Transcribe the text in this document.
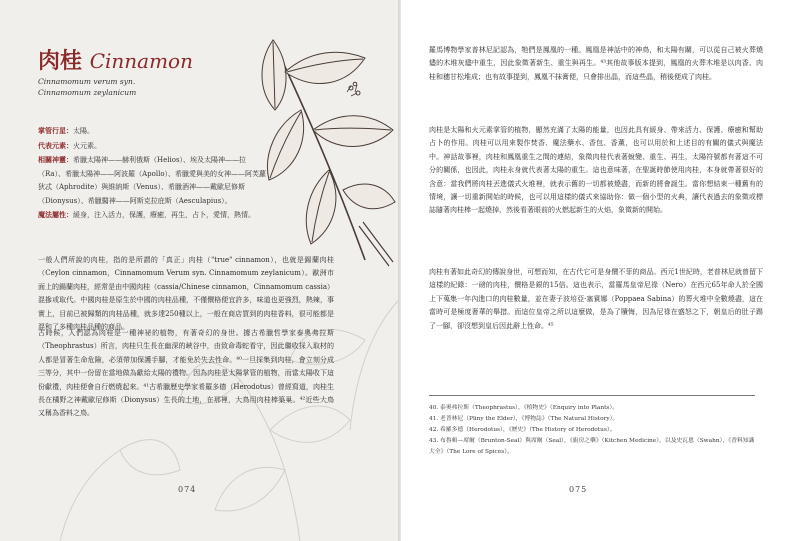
肉桂 Cinnamon
Cinnamomum verum syn.
Cinnamomum zeylanicum
掌管行星：太陽。
代表元素：火元素。
相關神靈：希臘太陽神——赫利俄斯（Helios）、埃及太陽神——拉（Ra）、希臘太陽神——阿波羅（Apollo）、希臘愛與美的女神——阿芙蘿狄忒（Aphrodite）與維納斯（Venus）、希臘酒神——戴歐尼修斯（Dionysus）、希臘醫神——阿斯克拉庇斯（Aesculapius）。
魔法屬性：緩身，注入活力，保護，療癒，再生，占卜，愛情，熱情。
一般人們所說的肉桂，指的是所謂的「真正」肉桂（"true" cinnamon），也就是錫蘭肉桂（Ceylon cinnamon，Cinnamomum Verum syn. Cinnamomum zeylanicum）。歐洲市面上的錫蘭肉桂，經常是由中國肉桂（cassia/Chinese cinnamon，Cinnamomum cassia）混摻或取代。中國肉桂是原生於中國的肉桂品種，不僅價格便宜許多，味道也更強烈，熱辣，事實上，目前已被歸類的肉桂品種，就多達250種以上，一般在商店買到的肉桂香料，很可能都是混和了多種肉桂品種的商品。
古時候，人們認為肉桂是一種神祕的植物，有著奇幻的身世。據古希臘哲學家泰奧弗拉斯（Theophrastus）所言，肉桂只生長在幽深的峽谷中，由致命毒蛇看守，因此繼收採入取材的人都是冒著生命危險，必須帶加保護手腳，才能免於失去性命。⁴⁰一旦採集到肉桂，會立刻分成三等分，其中一份留在當地做為獻給太陽的禮物。因為肉桂是太陽掌管的植物，而當太陽收下這份獻禮，肉桂便會自行燃燒起來。⁴¹古希臘歷史學家希羅多德（Herodotus）曾經寫道，肉桂生長在橘野之神戴歐尼修斯（Dionysus）生長的土地，在那裡，大鳥用肉桂棒築巢。⁴²近些大鳥又稱為香料之鳥。
074
羅馬博物學家普林尼記認為，牠們是鳳凰的一種。鳳凰是神話中的神鳥，和太陽有關，可以從自己被火葬燒燼的木堆灰燼中重生，因此象徵著新生、重生與再生。⁴³其他故事版本提到，鳳凰的火葬木堆是以肉香、肉桂和穗甘松堆成；也有故事提到，鳳凰不抹膏便，只會排出晶，而這些晶，稍後便成了肉桂。
肉桂是太陽和火元素掌管的植物，顯然充滿了太陽的能量，也因此具有緩身、帶來活力、保護、療癒和幫助占卜的作用。肉桂可以用來製作焚香、魔法藥水、香包、香薰，也可以用於和上述目的有關的儀式與魔法中。神話故事裡，肉桂和鳳凰重生之間的連結，象徵肉桂代表著蛻變、重生、再生，太陽符號都有著這不可分的關係，也因此，肉桂永身就代表著太陽的重生。這也意味著，在聖誕時節使用肉桂，本身就帶著很好的含意：當我們將肉桂丟進儀式火堆裡，就表示舊的一切都被燒盡，而新的將會誕生。當你想結束一種舊有的情境，讓一切重新開始的時候，也可以用這樣的儀式來協助你：做一個小型的火典，讓代表過去的象徵或標誌隨著肉桂棒一起燒掉，然後看著眼前的火燃起新生的火焰，象徵新的開始。
肉桂有著如此奇幻的傳說身世，可想而知，在古代它可是身價不菲的商品。西元1世紀時，老普林尼就曾留下這樣的紀錄：一磅的肉桂，價格是銀的15倍。這也表示，當羅馬皇帝尼祿（Nero）在西元65年命人於全國上下蒐集一年內進口的肉桂數量，並在妻子波培亞·塞賓娜（Poppaea Sabina）的葬火堆中全數燒盡，這在當時可是極度奢華的舉措。而這位皇帝之所以這麼做，是為了贖悔，因為尼祿在盛怒之下，朝皇后的肚子踢了一腳，卻沒想到皇后因此辭上性命。⁴⁵
40. 泰奧弗拉斯（Theophrastus），《植物史》（Enquiry into Plants）。
41. 老普林尼（Pliny the Elder），《博物誌》（The Natural History）。
42. 希羅多德（Herodotus），《歷史》（The History of Herodotus）。
43. 布魯頓—席爾（Brunton-Seal）與席爾（Seal），《廚房之藥》（Kitchen Medicine），以及史瓦恩（Swahn），《香料知識大全》（The Lore of Spices）。
075
